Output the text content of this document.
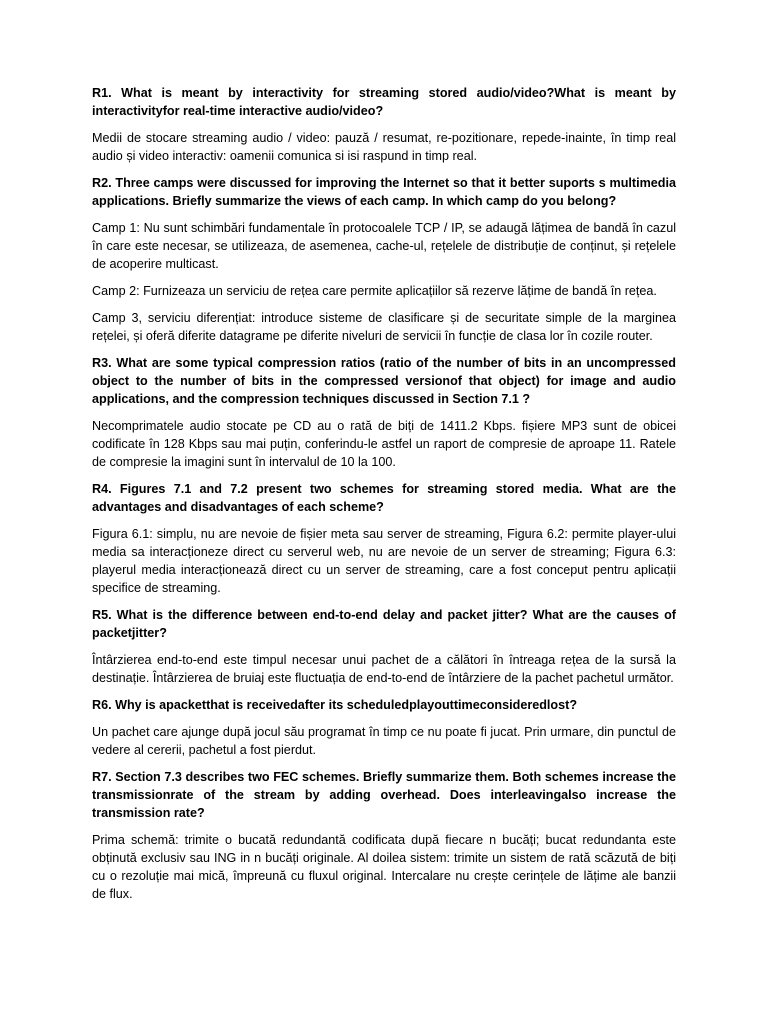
R1. What is meant by interactivity for streaming stored audio/video?What is meant by interactivityfor real-time interactive audio/video?

Medii de stocare streaming audio / video: pauză / resumat, re-pozitionare, repede-inainte, în timp real audio și video interactiv: oamenii comunica si isi raspund in timp real.

R2. Three camps were discussed for improving the Internet so that it better suports s multimedia applications. Briefly summarize the views of each camp. In which camp do you belong?

Camp 1: Nu sunt schimbări fundamentale în protocoalele TCP / IP, se adaugă lățimea de bandă în cazul în care este necesar, se utilizeaza, de asemenea, cache-ul, rețelele de distribuție de conținut, și rețelele de acoperire multicast.

Camp 2: Furnizeaza un serviciu de rețea care permite aplicațiilor să rezerve lățime de bandă în rețea.

Camp 3, serviciu diferențiat: introduce sisteme de clasificare și de securitate simple de la marginea rețelei, și oferă diferite datagrame pe diferite niveluri de servicii în funcție de clasa lor în cozile router.

R3. What are some typical compression ratios (ratio of the number of bits in an uncompressed object to the number of bits in the compressed versionof that object) for image and audio applications, and the compression techniques discussed in Section 7.1 ?

Necomprimatele audio stocate pe CD au o rată de biți de 1411.2 Kbps. fișiere MP3 sunt de obicei codificate în 128 Kbps sau mai puțin, conferindu-le astfel un raport de compresie de aproape 11. Ratele de compresie la imagini sunt în intervalul de 10 la 100.

R4. Figures 7.1 and 7.2 present two schemes for streaming stored media. What are the advantages and disadvantages of each scheme?

Figura 6.1: simplu, nu are nevoie de fișier meta sau server de streaming, Figura 6.2: permite player-ului media sa interacționeze direct cu serverul web, nu are nevoie de un server de streaming; Figura 6.3: playerul media interacționează direct cu un server de streaming, care a fost conceput pentru aplicații specifice de streaming.

R5. What is the difference between end-to-end delay and packet jitter? What are the causes of packetjitter?

Întârzierea end-to-end este timpul necesar unui pachet de a călători în întreaga rețea de la sursă la destinație. Întârzierea de bruiaj este fluctuația de end-to-end de întârziere de la pachet pachetul următor.

R6. Why is apacketthat is receivedafter its scheduledplayouttimeconsideredlost?

Un pachet care ajunge după jocul său programat în timp ce nu poate fi jucat. Prin urmare, din punctul de vedere al cererii, pachetul a fost pierdut.

R7. Section 7.3 describes two FEC schemes. Briefly summarize them. Both schemes increase the transmissionrate of the stream by adding overhead. Does interleavingalso increase the transmission rate?

Prima schemă: trimite o bucată redundantă codificata după fiecare n bucăți; bucat redundanta este obținută exclusiv sau ING in n bucăți originale. Al doilea sistem: trimite un sistem de rată scăzută de biți cu o rezoluție mai mică, împreună cu fluxul original. Intercalare nu crește cerințele de lățime ale banzii de flux.
